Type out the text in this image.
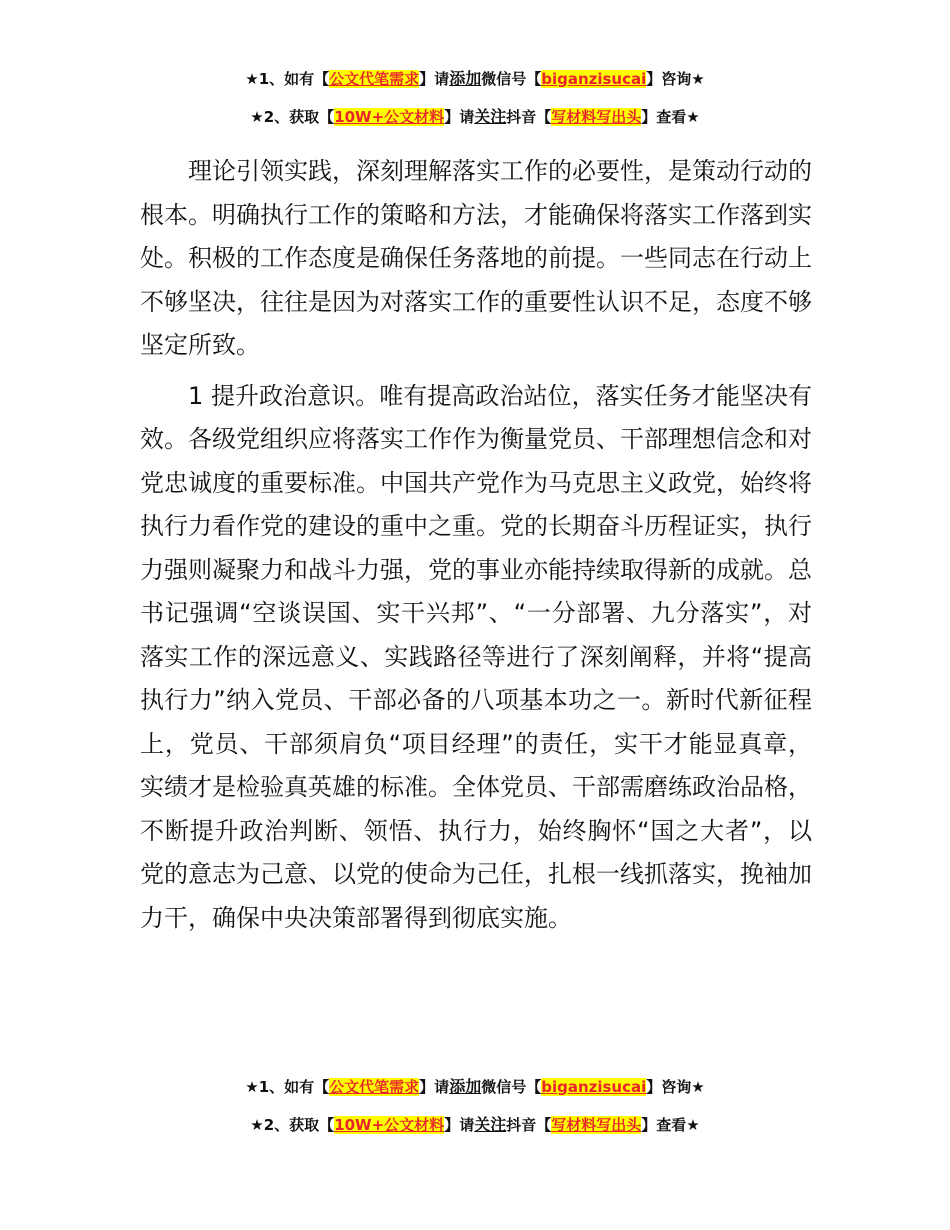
★1、如有【公文代笔需求】请添加微信号【biganzisucai】咨询★
★2、获取【10W+公文材料】请关注抖音【写材料写出头】查看★

理论引领实践，深刻理解落实工作的必要性，是策动行动的根本。明确执行工作的策略和方法，才能确保将落实工作落到实处。积极的工作态度是确保任务落地的前提。一些同志在行动上不够坚决，往往是因为对落实工作的重要性认识不足，态度不够坚定所致。

1 提升政治意识。唯有提高政治站位，落实任务才能坚决有效。各级党组织应将落实工作作为衡量党员、干部理想信念和对党忠诚度的重要标准。中国共产党作为马克思主义政党，始终将执行力看作党的建设的重中之重。党的长期奋斗历程证实，执行力强则凝聚力和战斗力强，党的事业亦能持续取得新的成就。总书记强调“空谈误国、实干兴邦”、“一分部署、九分落实”，对落实工作的深远意义、实践路径等进行了深刻阐释，并将“提高执行力”纳入党员、干部必备的八项基本功之一。新时代新征程上，党员、干部须肩负“项目经理”的责任，实干才能显真章，实绩才是检验真英雄的标准。全体党员、干部需磨练政治品格，不断提升政治判断、领悟、执行力，始终胸怀“国之大者”，以党的意志为己意、以党的使命为己任，扎根一线抓落实，挽袖加力干，确保中央决策部署得到彻底实施。

★1、如有【公文代笔需求】请添加微信号【biganzisucai】咨询★
★2、获取【10W+公文材料】请关注抖音【写材料写出头】查看★
